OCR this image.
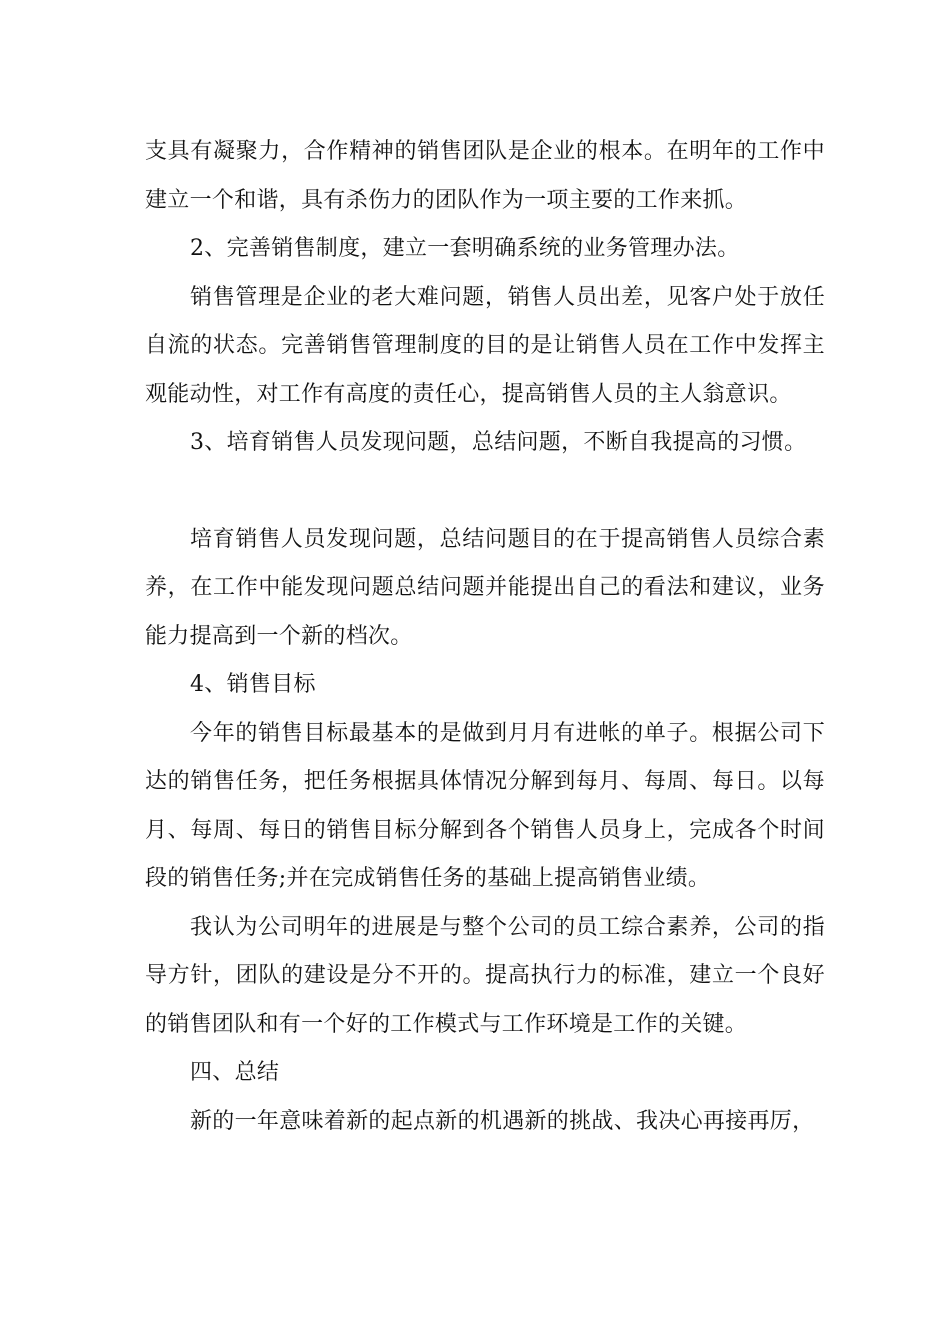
支具有凝聚力，合作精神的销售团队是企业的根本。在明年的工作中建立一个和谐，具有杀伤力的团队作为一项主要的工作来抓。

2、完善销售制度，建立一套明确系统的业务管理办法。

销售管理是企业的老大难问题，销售人员出差，见客户处于放任自流的状态。完善销售管理制度的目的是让销售人员在工作中发挥主观能动性，对工作有高度的责任心，提高销售人员的主人翁意识。

3、培育销售人员发现问题，总结问题，不断自我提高的习惯。

培育销售人员发现问题，总结问题目的在于提高销售人员综合素养，在工作中能发现问题总结问题并能提出自己的看法和建议，业务能力提高到一个新的档次。

4、销售目标

今年的销售目标最基本的是做到月月有进帐的单子。根据公司下达的销售任务，把任务根据具体情况分解到每月、每周、每日。以每月、每周、每日的销售目标分解到各个销售人员身上，完成各个时间段的销售任务;并在完成销售任务的基础上提高销售业绩。

我认为公司明年的进展是与整个公司的员工综合素养，公司的指导方针，团队的建设是分不开的。提高执行力的标准，建立一个良好的销售团队和有一个好的工作模式与工作环境是工作的关键。

四、总结

新的一年意味着新的起点新的机遇新的挑战、我决心再接再厉，
